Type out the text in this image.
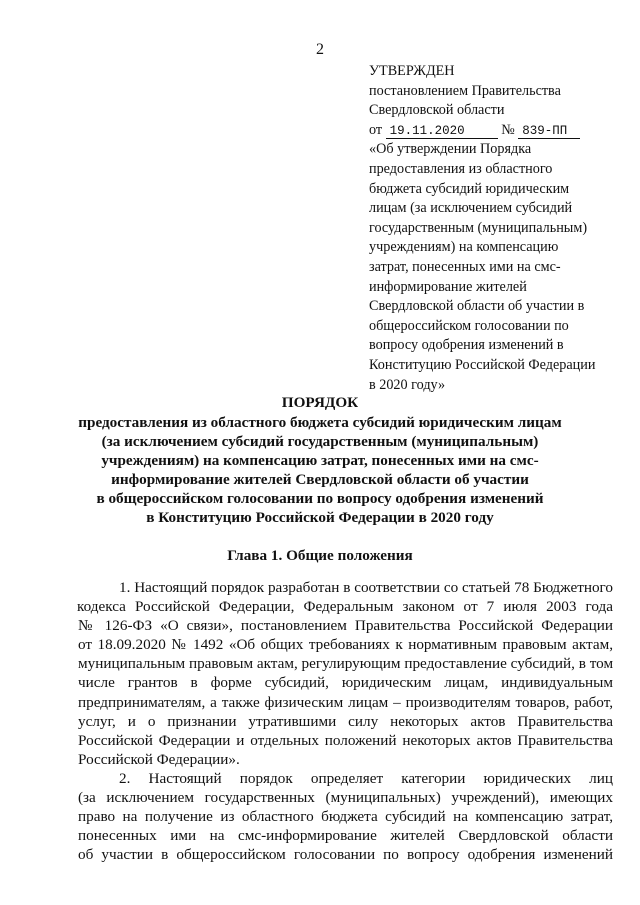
2
УТВЕРЖДЕН
постановлением Правительства
Свердловской области
от 19.11.2020	№ 839-ПП
«Об утверждении Порядка
предоставления из областного
бюджета субсидий юридическим
лицам (за исключением субсидий
государственным (муниципальным)
учреждениям) на компенсацию
затрат, понесенных ими на смс-
информирование жителей
Свердловской области об участии в
общероссийском голосовании по
вопросу одобрения изменений в
Конституцию Российской Федерации
в 2020 году»
ПОРЯДОК
предоставления из областного бюджета субсидий юридическим лицам
(за исключением субсидий государственным (муниципальным)
учреждениям) на компенсацию затрат, понесенных ими на смс-
информирование жителей Свердловской области об участии
в общероссийском голосовании по вопросу одобрения изменений
в Конституцию Российской Федерации в 2020 году
Глава 1. Общие положения
1. Настоящий порядок разработан в соответствии со статьей 78 Бюджетного
кодекса Российской Федерации, Федеральным законом от 7 июля 2003 года
№ 126-ФЗ «О связи», постановлением Правительства Российской Федерации
от 18.09.2020 № 1492 «Об общих требованиях к нормативным правовым актам,
муниципальным правовым актам, регулирующим предоставление субсидий, в том
числе грантов в форме субсидий, юридическим лицам, индивидуальным
предпринимателям, а также физическим лицам – производителям товаров, работ,
услуг, и о признании утратившими силу некоторых актов Правительства
Российской Федерации и отдельных положений некоторых актов Правительства
Российской Федерации».
2. Настоящий порядок определяет категории юридических лиц
(за исключением государственных (муниципальных) учреждений), имеющих
право на получение из областного бюджета субсидий на компенсацию затрат,
понесенных ими на смс-информирование жителей Свердловской области
об участии в общероссийском голосовании по вопросу одобрения изменений
